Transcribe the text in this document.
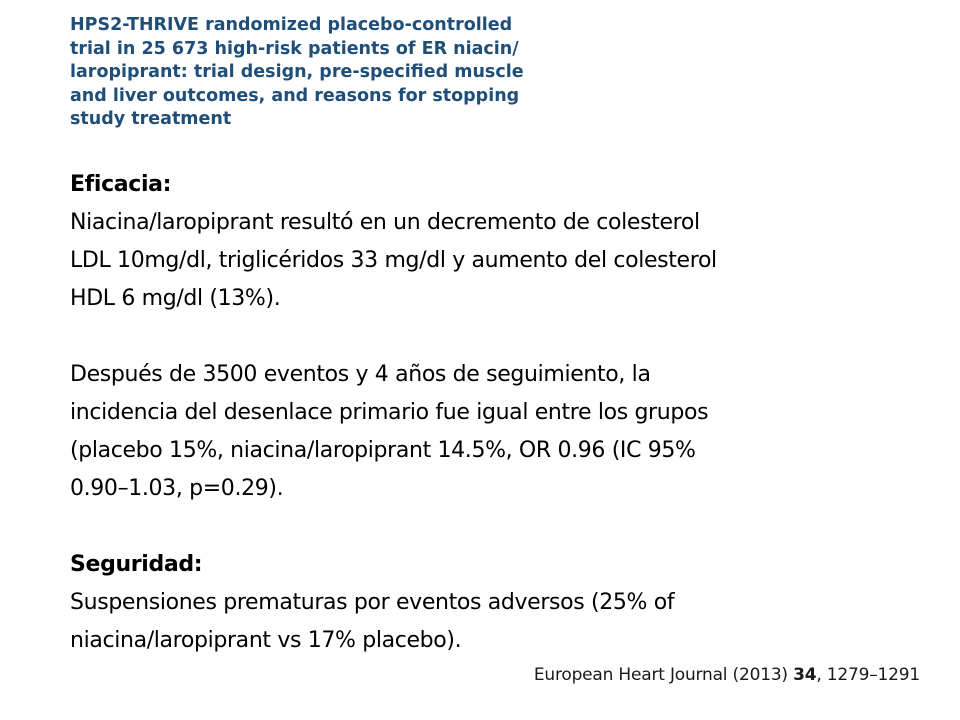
HPS2-THRIVE randomized placebo-controlled
trial in 25 673 high-risk patients of ER niacin/
laropiprant: trial design, pre-specified muscle
and liver outcomes, and reasons for stopping
study treatment
Eficacia:
Niacina/laropiprant resultó en un decremento de colesterol
LDL 10mg/dl, triglicéridos 33 mg/dl y aumento del colesterol
HDL 6 mg/dl (13%).
Después de 3500 eventos y 4 años de seguimiento, la
incidencia del desenlace primario fue igual entre los grupos
(placebo 15%, niacina/laropiprant 14.5%, OR 0.96 (IC 95%
0.90–1.03, p=0.29).
Seguridad:
Suspensiones prematuras por eventos adversos (25% of
niacina/laropiprant vs 17% placebo).
European Heart Journal (2013) 34, 1279–1291
